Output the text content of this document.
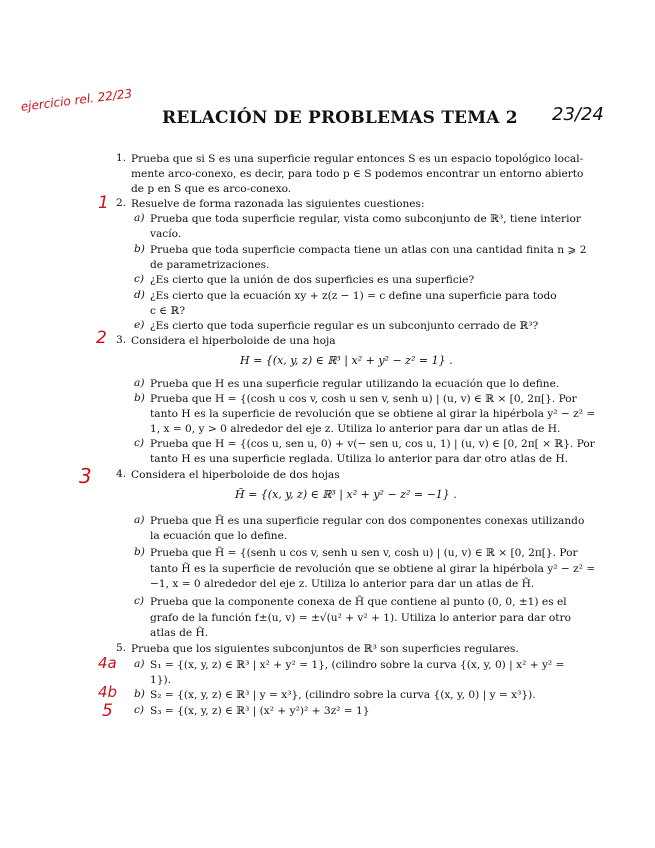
ejercicio rel. 22/23
RELACIÓN DE PROBLEMAS TEMA 2	23/24
1
2
3
4a
4b
5
1. Prueba que si S es una superficie regular entonces S es un espacio topológico local-
mente arco-conexo, es decir, para todo p ∈ S podemos encontrar un entorno abierto
de p en S que es arco-conexo.
2. Resuelve de forma razonada las siguientes cuestiones:
a) Prueba que toda superficie regular, vista como subconjunto de ℝ³, tiene interior
vacío.
b) Prueba que toda superficie compacta tiene un atlas con una cantidad finita n ⩾ 2
de parametrizaciones.
c) ¿Es cierto que la unión de dos superficies es una superficie?
d) ¿Es cierto que la ecuación xy + z(z − 1) = c define una superficie para todo
c ∈ ℝ?
e) ¿Es cierto que toda superficie regular es un subconjunto cerrado de ℝ³?
3. Considera el hiperboloide de una hoja
H = {(x, y, z) ∈ ℝ³ | x² + y² − z² = 1} .
a) Prueba que H es una superficie regular utilizando la ecuación que lo define.
b) Prueba que H = {(cosh u cos v, cosh u sen v, senh u) | (u, v) ∈ ℝ × [0, 2π[}. Por
tanto H es la superficie de revolución que se obtiene al girar la hipérbola y² − z² =
1, x = 0, y > 0 alrededor del eje z. Utiliza lo anterior para dar un atlas de H.
c) Prueba que H = {(cos u, sen u, 0) + v(− sen u, cos u, 1) | (u, v) ∈ [0, 2π[ × ℝ}. Por
tanto H es una superficie reglada. Utiliza lo anterior para dar otro atlas de H.
4. Considera el hiperboloide de dos hojas
H̃ = {(x, y, z) ∈ ℝ³ | x² + y² − z² = −1} .
a) Prueba que H̃ es una superficie regular con dos componentes conexas utilizando
la ecuación que lo define.
b) Prueba que H̃ = {(senh u cos v, senh u sen v, cosh u) | (u, v) ∈ ℝ × [0, 2π[}. Por
tanto H̃ es la superficie de revolución que se obtiene al girar la hipérbola y² − z² =
−1, x = 0 alrededor del eje z. Utiliza lo anterior para dar un atlas de H̃.
c) Prueba que la componente conexa de H̃ que contiene al punto (0, 0, ±1) es el
grafo de la función f±(u, v) = ±√(u² + v² + 1). Utiliza lo anterior para dar otro
atlas de H̃.
5. Prueba que los siguientes subconjuntos de ℝ³ son superficies regulares.
a) S₁ = {(x, y, z) ∈ ℝ³ | x² + y² = 1}, (cilindro sobre la curva {(x, y, 0) | x² + y² =
1}).
b) S₂ = {(x, y, z) ∈ ℝ³ | y = x³}, (cilindro sobre la curva {(x, y, 0) | y = x³}).
c) S₃ = {(x, y, z) ∈ ℝ³ | (x² + y²)² + 3z² = 1}
